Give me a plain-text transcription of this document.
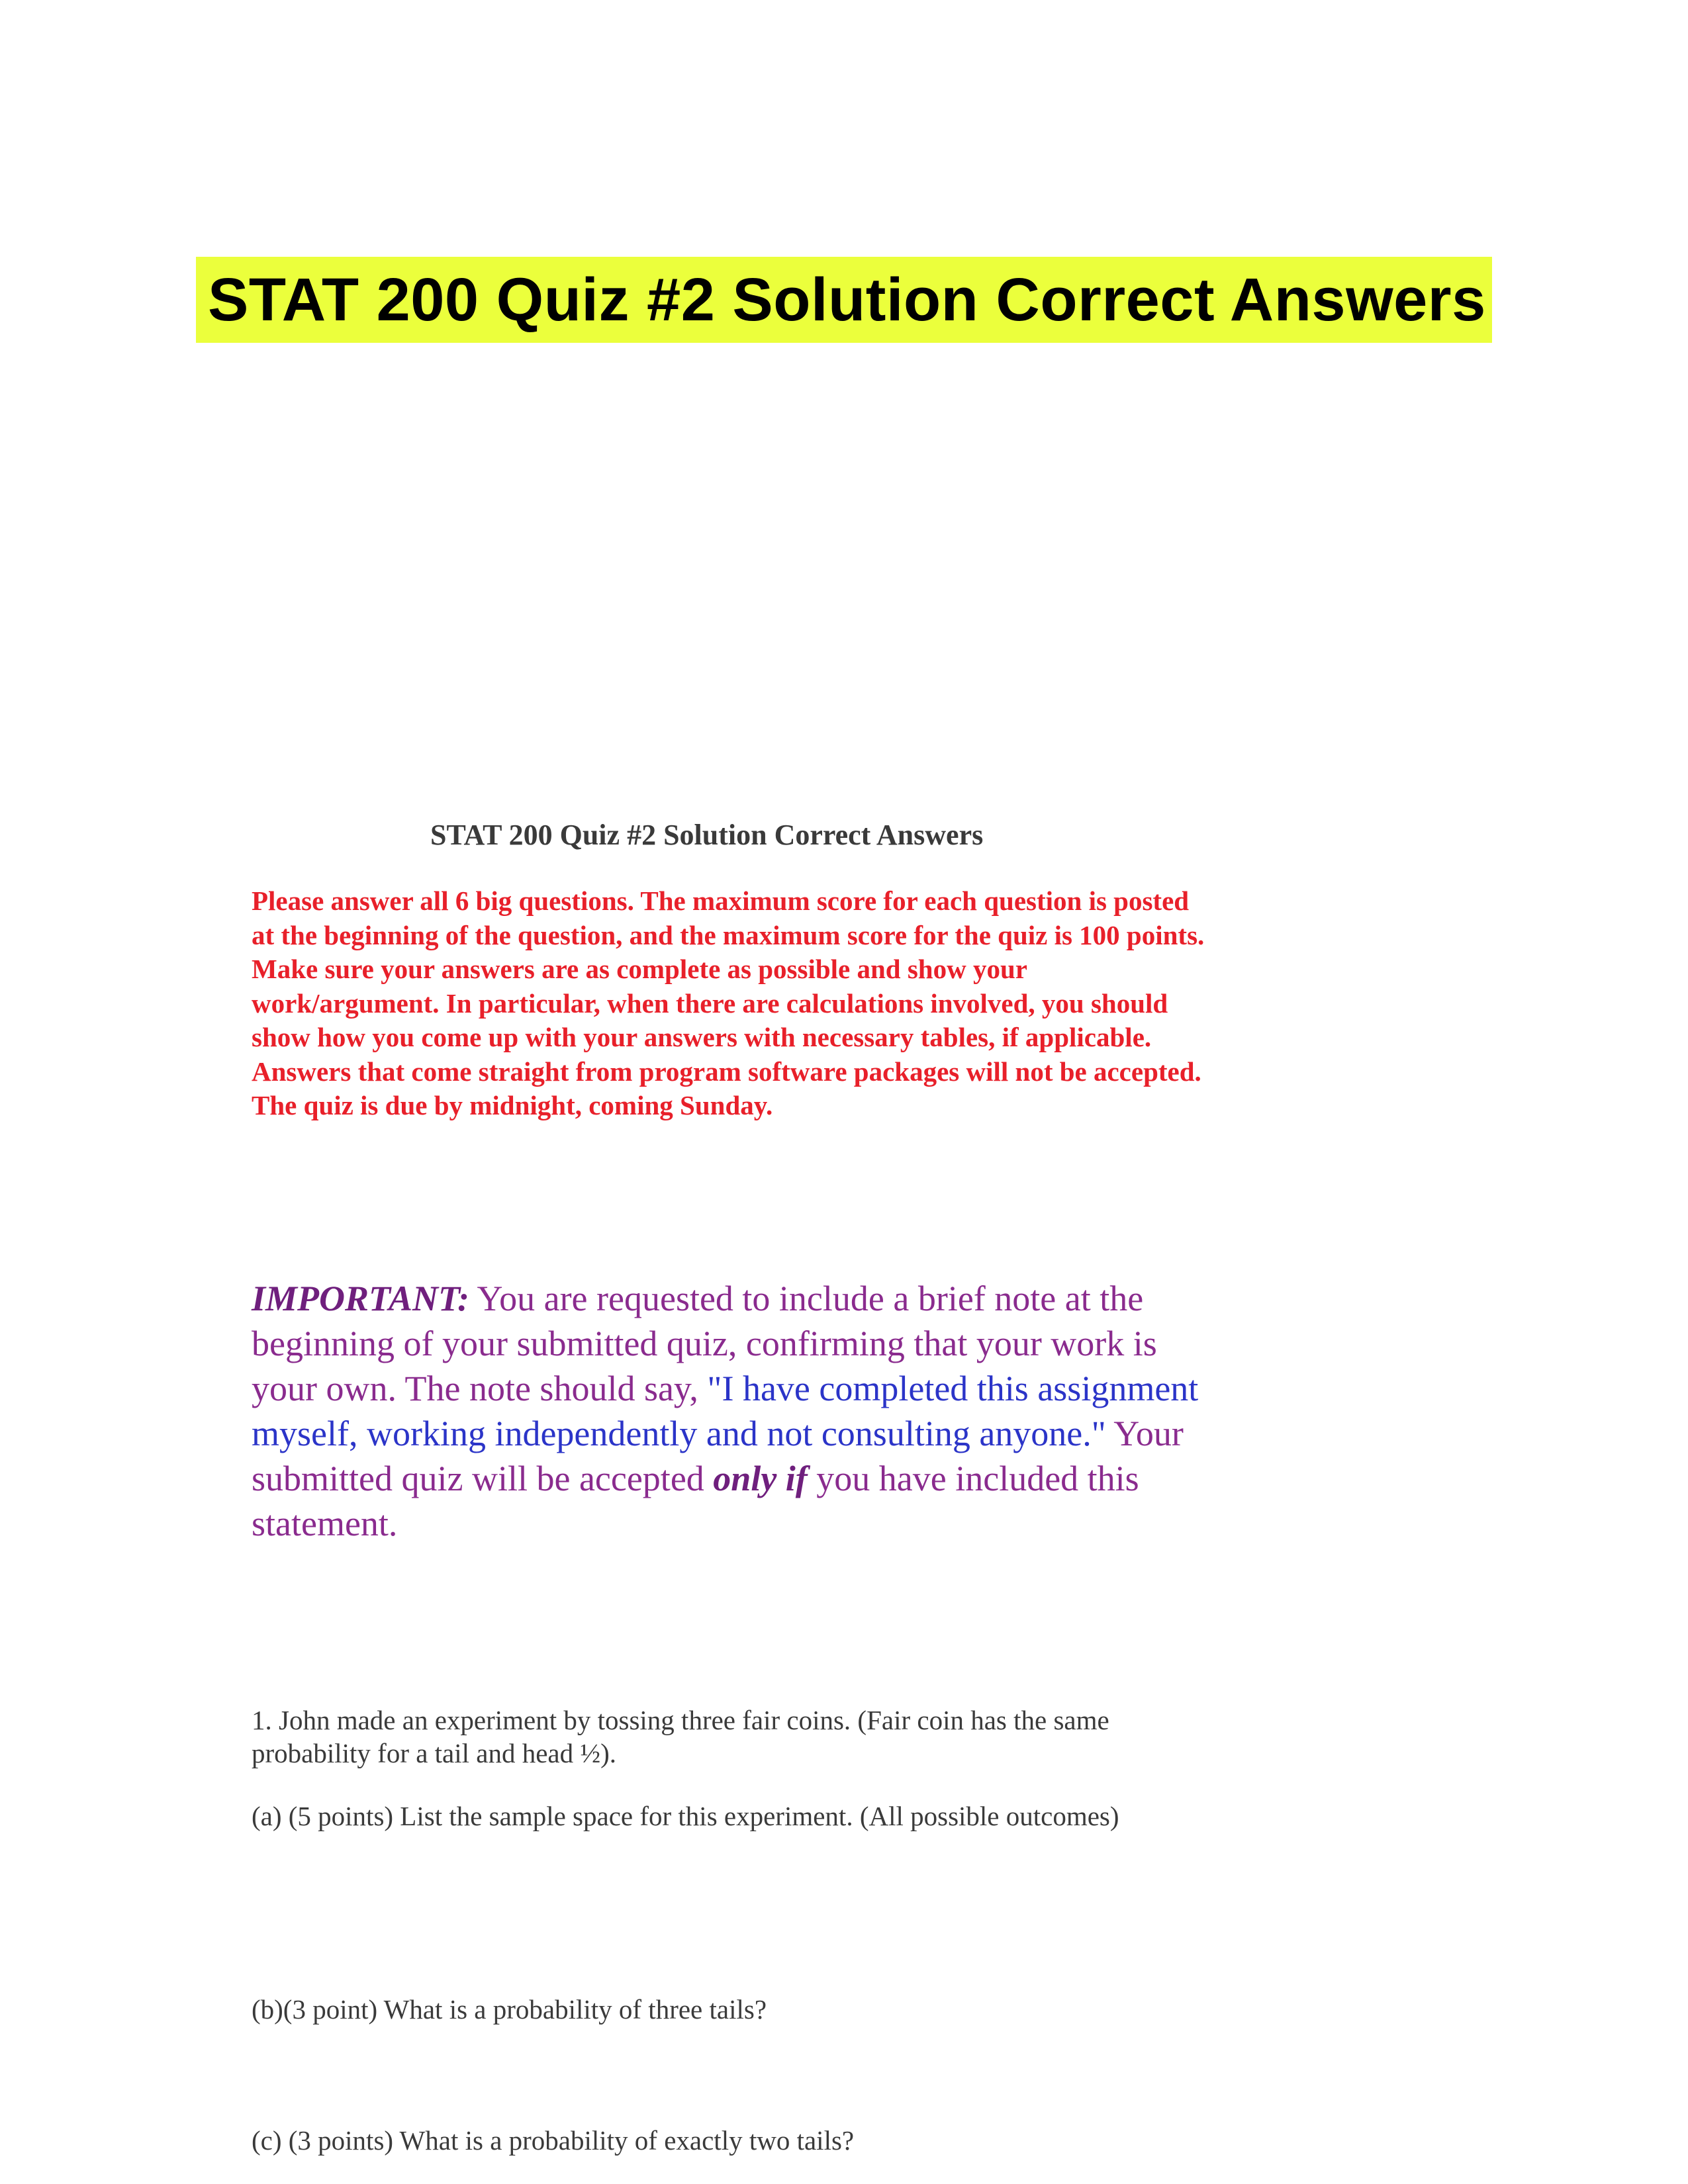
STAT 200 Quiz #2 Solution Correct Answers
STAT 200 Quiz #2 Solution Correct Answers
Please answer all 6 big questions. The maximum score for each question is posted at the beginning of the question, and the maximum score for the quiz is 100 points. Make sure your answers are as complete as possible and show your work/argument. In particular, when there are calculations involved, you should show how you come up with your answers with necessary tables, if applicable. Answers that come straight from program software packages will not be accepted. The quiz is due by midnight, coming Sunday.
IMPORTANT: You are requested to include a brief note at the beginning of your submitted quiz, confirming that your work is your own. The note should say, "I have completed this assignment myself, working independently and not consulting anyone." Your submitted quiz will be accepted only if you have included this statement.
1. John made an experiment by tossing three fair coins. (Fair coin has the same probability for a tail and head ½).
(a) (5 points) List the sample space for this experiment. (All possible outcomes)
(b)(3 point) What is a probability of three tails?
(c) (3 points) What is a probability of exactly two tails?
